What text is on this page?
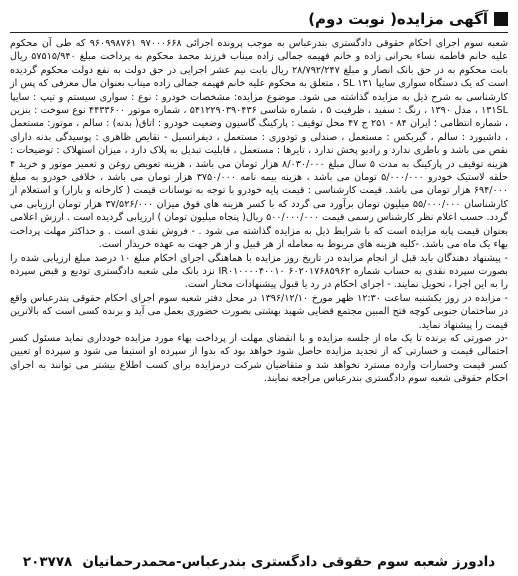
آگهی مزایده( نوبت دوم)

شعبه سوم اجرای احکام حقوقی دادگستری بندرعباس به موجب پرونده اجرائی ۹۷۰۰۰۶۶۸ ۹۶۰۹۹۸۷۶۱ که طی آن محکوم علیه خانم فاطمه نساء بحرانی زاده و خانم فهیمه جمالی زاده میناب فرزند محمد محکوم به پرداخت مبلغ ۵۷۵۱۵/۹۴۰ ریال بابت محکوم به در حق بانک انصار و مبلغ ۲۸/۷۹۲/۲۴۷ ریال بابت نیم عشر اجرایی در حق دولت به نفع دولت محکوم گردیده است که یک دستگاه سواری سایپا ۱۳۱ SL ، متعلق به محکوم علیه خانم فهیمه جمالی زاده میناب بعنوان مال معرفی که پس از کارشناسی به شرح ذیل به مزایده گذاشته می شود. موضوع مزایده: مشخصات خودرو : نوع : سواری سیستم و تیپ : سایپا ۱۳۱SL ، مدل ۱۳۹۰ ، رنگ : سفید ، ظرفیت ۵ ، شماره شاسی ۵۴۱۲۲۹۰۳۹۰۴۳۶ ، شماره موتور ۴۴۳۳۶۰۰ نوع سوخت : بنزین ، شماره انتظامی ؛ ایران ۸۴ - ۲۵۱ ج ۴۷ محل توقیف : پارکینگ گاسیون وضعیت خودرو : اتاق( بدنه) : سالم ، موتور: مستعمل ، داشبورد : سالم ، گیربکس : مستعمل ، صندلی و تودوزی : مستعمل ، دیفرانسیل - نقایص ظاهری : پوسیدگی بدنه دارای نقص می باشد و باطری ندارد و رادیو پخش ندارد ، تایرها : مستعمل ، قابلیت تبدیل به پلاک دارد ، میزان استهلاک : توضیحات : هزینه توقیف در پارکینگ به مدت ۵ سال مبلغ ۸/۰۳۰/۰۰۰ هزار تومان می باشد ، هزینه تعویض روغن و تعمیر موتور و خرید ۴ حلقه لاستیک خودرو ۵/۰۰۰/۰۰۰ تومان می باشد ، هزینه بیمه نامه ۳۷۵۰/۰۰۰ هزار تومان می باشد ، خلافی خودرو به مبلغ ۶۹۴/۰۰۰ هزار تومان می باشد. قیمت کارشناسی : قیمت پایه خودرو با توجه به نوسانات قیمت ( کارخانه و بازار) و استعلام از کارشناسان ۵۵/۰۰۰/۰۰۰ میلیون تومان برآورد می گردد که با کسر هزینه های فوق میزان ۳۷/۵۲۶/۰۰۰ هزار تومان ارزیابی می گردد. حسب اعلام نظر کارشناس رسمی قیمت ۵۰۰/۰۰۰/۰۰۰ ریال( پنجاه میلیون تومان ) ارزیابی گردیده است . ارزش اعلامی بعنوان قیمت پایه مزایده است که با شرایط ذیل به مزایده گذاشته می شود . - فروش نقدی است . و حداکثر مهلت پرداخت بهاء یک ماه می باشد. -کلیه هزینه های مربوط به معامله از هر قبیل و از هر جهت به عهده خریدار است.

- پیشنهاد دهندگان باید قبل از انجام مزایده در تاریخ روز مزایده با هماهنگی اجرای احکام مبلغ ۱۰ درصد مبلغ ارزیابی شده را بصورت سپرده نقدی به حساب شماره ۶۰۲۰۱۷۶۸۵۹۶۲ IR۰۱۰۰۰۰۴۰۰۱۰ نزد بانک ملی شعبه دادگستری تودیع و قبض سپرده را به این اجرا ، تحویل نمایند. - اجرای احکام در رد یا قبول پیشنهادات مختار است.

- مزایده در روز یکشنبه ساعت ۱۲:۳۰ ظهر مورخ ۱۳۹۶/۱۲/۱۰ در محل دفتر شعبه سوم اجرای احکام حقوقی بندرعباس واقع در ساختمان جنوبی کوچه فتح المبین مجتمع قضایی شهید بهشتی بصورت حضوری بعمل می آید و برنده کسی است که بالاترین قیمت را پیشنهاد نماید.

-در صورتی که برنده تا یک ماه از جلسه مزایده و با انقضای مهلت از پرداخت بهاء مورد مزایده خودداری نماید مسئول کسر احتمالی قیمت و خسارتی که از تجدید مزایده حاصل شود خواهد بود که بدوا از سپرده او استیفا می شود و سپرده او تعیین کسر قیمت وخسارات وارده مسترد نخواهد شد و متقاضیان شرکت درمزایده برای کسب اطلاع بیشتر می توانند به اجرای احکام حقوقی شعبه سوم دادگستری بندرعباس مراجعه نمایند.

دادورز شعبه سوم حقوقی دادگستری بندرعباس-محمدرحمانیان
۲۰۳۷۷۸
